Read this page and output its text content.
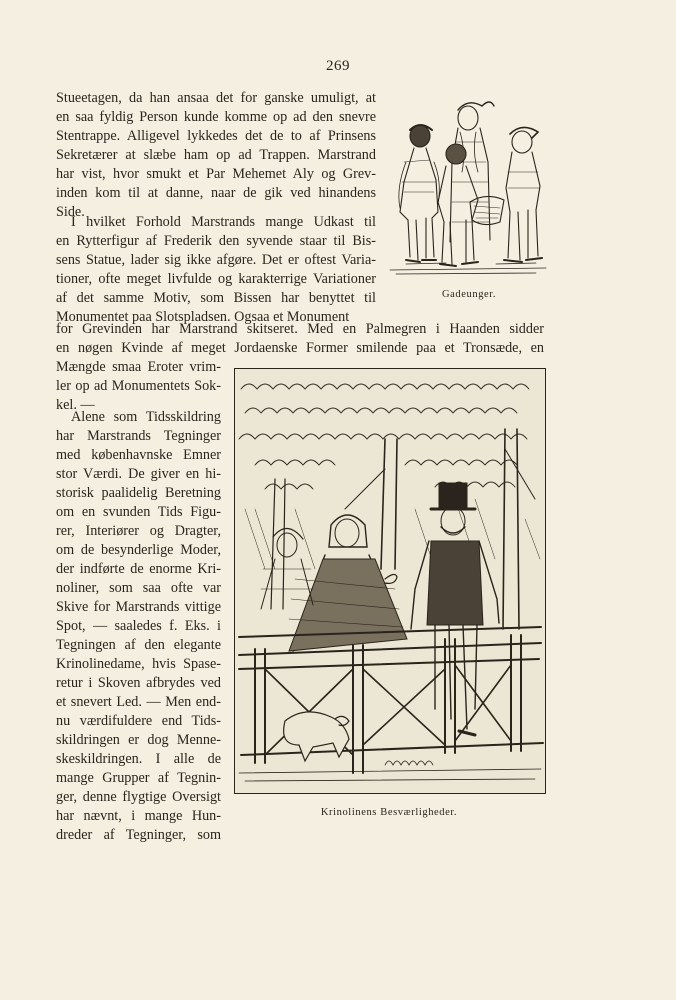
269
Stueetagen, da han ansaa det for ganske umuligt, at
en saa fyldig Person kunde komme op ad den snevre
Stentrappe. Alligevel lykkedes det de to af Prinsens
Sekretærer at slæbe ham op ad Trappen. Marstrand
har vist, hvor smukt et Par Mehemet Aly og Grev-
inden kom til at danne, naar de gik ved hinandens
Side.
I hvilket Forhold Marstrands mange Udkast til
en Rytterfigur af Frederik den syvende staar til Bis-
sens Statue, lader sig ikke afgøre. Det er oftest Varia-
tioner, ofte meget livfulde og karakterrige Variationer
af det samme Motiv, som Bissen har benyttet til
Monumentet paa Slotspladsen. Ogsaa et Monument
for Grevinden har Marstrand skitseret. Med en Palmegren i Haanden sidder
en nøgen Kvinde af meget Jordaenske Former smilende paa et Tronsæde, en
Mængde smaa Eroter vrim-
ler op ad Monumentets Sok-
kel. —
Alene som Tidsskildring
har Marstrands Tegninger
med københavnske Emner
stor Værdi. De giver en hi-
storisk paalidelig Beretning
om en svunden Tids Figu-
rer, Interiører og Dragter,
om de besynderlige Moder,
der indførte de enorme Kri-
noliner, som saa ofte var
Skive for Marstrands vittige
Spot, — saaledes f. Eks. i
Tegningen af den elegante
Krinolinedame, hvis Spase-
retur i Skoven afbrydes ved
et snevert Led. — Men end-
nu værdifuldere end Tids-
skildringen er dog Menne-
skeskildringen. I alle de
mange Grupper af Tegnin-
ger, denne flygtige Oversigt
har nævnt, i mange Hun-
dreder af Tegninger, som
Gadeunger.
Krinolinens Besværligheder.
